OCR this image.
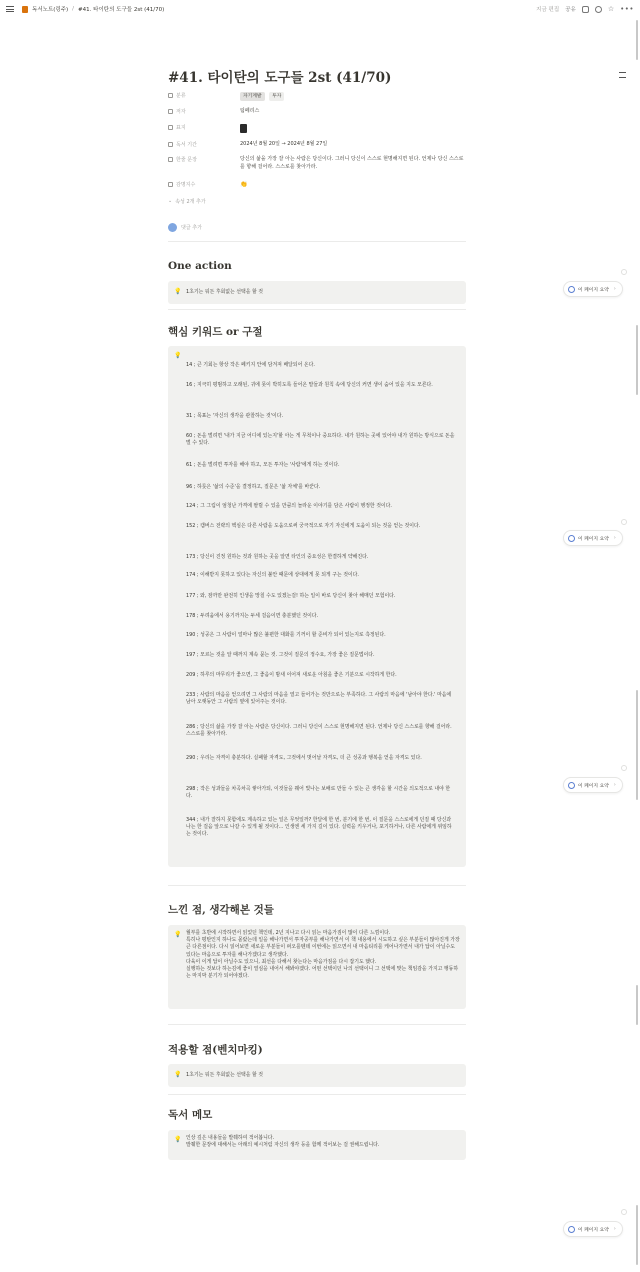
독서노트(링주) / #41. 타이탄의 도구들 2st (41/70)	지금 편집 공유	☆ •••
#41. 타이탄의 도구들 2st (41/70)
분류	자기계발 투자
저자	팀페리스
표지
독서 기간	2024년 8월 20일 → 2024년 8월 27일
한줄 문장	당신의 삶을 가장 잘 아는 사람은 당신이다. 그러니 당신이 스스로 현명해지면 된다. 언제나 당신 스스로를 향해 걸어라. 스스로를 찾아가라.
감명지수	👏
⌄ 속성 2개 추가
댓글 추가
One action
💡 1초기는 워든 후회없는 선택을 할 것
핵심 키워드 or 구절
💡
14 ; 큰 기회는 항상 작은 페키지 안에 담겨져 배달되어 온다.
16 ; 지극히 평범하고 오래된, 귀에 못이 박히도록 들어온 말들과 원칙 속에 당신의 커면 생이 숨어 있을 지도 모른다.
31 ; 목표는 '자신의 생각을 관찰하는 것'이다.
60 ; 돈을 벌려면 '내가 지금 어디에 있는지'할 아는 게 무척이나 중요하다. 내가 원하는 곳에 있어야 내가 원하는 방식으로 돈을 벌 수 있다.
61 ; 돈을 벌려면 투자를 해야 하고, 모든 투자는 '사람'에게 하는 것이다.
96 ; 하룻은 '삶의 수준'을 결정하고, 질문은 '삶 자체'를 바꾼다.
124 ; 그 그림이 엄청난 가격에 팔릴 수 있을 만큼의 놀라운 이야기를 담은 사람이 행정한 것이다.
152 ; 캠버스 전략의 핵심은 다른 사람을 도움으로써 궁극적으로 자기 자신에게 도움이 되는 것을 얻는 것이다.
173 ; 당신이 진정 원하는 것과 원하는 곳을 알면 타인의 중요성은 한결하게 약해진다.
174 ; 이해받지 못하고 있다는 자신의 불안 때문에 상대에게 못 되게 구는 것이다.
177 ; 와, 잠까만 완전히 인생을 망칠 수도 있겠는걸! 하는 일이 바로 당신이 찾아 해매던 모험이다.
178 ; 두려움에서 용기까지는 두세 걸음이면 충분했던 것이다.
190 ; 성공은 그 사람이 얼마나 많은 불편한 대화를 기꺼이 할 준비가 되어 있는지로 측정된다.
197 ; 모르는 것을 알 때까지 계속 묻는 것. 그것이 질문의 정수요, 가장 좋은 질문법이다.
209 ; 하루의 마무리가 좋으면, 그 좋음이 밤새 이어져 새로운 아침을 좋은 기분으로 시작하게 한다.
233 ; 사람의 마음을 얻으려면 그 사람의 마음을 열고 들어가는 것만으로는 부족하다. 그 사람의 마음에 '남아야 한다.' 마음에 남아 오랫동안 그 사람의 옆에 있어주는 것이다.
286 ; 당신의 삶을 가장 잘 아는 사람은 당신이다. 그러니 당신이 스스로 현명해지면 된다. 언제나 당신 스스로를 향해 걸어라. 스스로를 찾아가라.
290 ; 우리는 자격이 충분하다. 실패할 자격도, 그것에서 벗어날 자격도, 더 큰 성공과 행복을 얻을 자격도 있다.
298 ; 작은 성과들을 차곡차곡 쌓아가되, 이것들을 꿰어 빛나는 보배로 만들 수 있는 큰 생각을 할 시간을 의도적으로 내야 한다.
344 ; 내가 잘하지 못함에도 계속하고 있는 일은 무엇일까? 한달에 한 번, 분기에 한 번, 이 질문을 스스로에게 던질 때 당신과 나는 한 걸음 앞으로 나갈 수 있게 될 것이다... 인생엔 세 가지 길이 있다. 실력을 키우거나, 포기하거나, 다른 사람에게 위임하는 것이다.
느낀 점, 생각해본 것들
💡 월부를 초반에 시작하면서 읽었던 책인데, 2년 지나고 다시 읽는 마음가짐이 많이 다른 느낌이다.
특히나 평탄인지 하나도 몰랐는데 일을 해나가면서 투자공부를 해나가면서 이 책 내용에서 시도하고 싶은 부분들이 많아진게 가장 큰 다른점이다. 다시 읽어보면 새로운 부분들이 퍼오를텐데 이번에는 읽으면서 내 마음티리를 케어나가면서 내가 답이 아닐수도 있다는 마음으로 투자를 해나가겠다고 생각했다.
다육이 이게 답이 아닐수도 있으니, 최선을 다해서 찾는다는 마음가짐을 다시 잡기도 했다.
실행하는 것보다 하는김에 좋이 열심을 내어서 해봐야겠다. 어떤 선택이던 나의 선택이니 그 선택에 맞는 책임감을 가지고 행동하는 마지막 분기가 되어야겠다.
적용할 점(벤치마킹)
💡 1초기는 워든 후회없는 선택을 할 것
독서 메모
💡 인상 깊은 내용들을 발췌하여 적어봅니다.
발췌한 문장에 대해서는 아래의 예시처럼 자신의 생각 등을 함께 적어보는 걸 권해드립니다.
이 페이지 요약 ›
이 페이지 요약 ›
이 페이지 요약 ›
이 페이지 요약 ›
